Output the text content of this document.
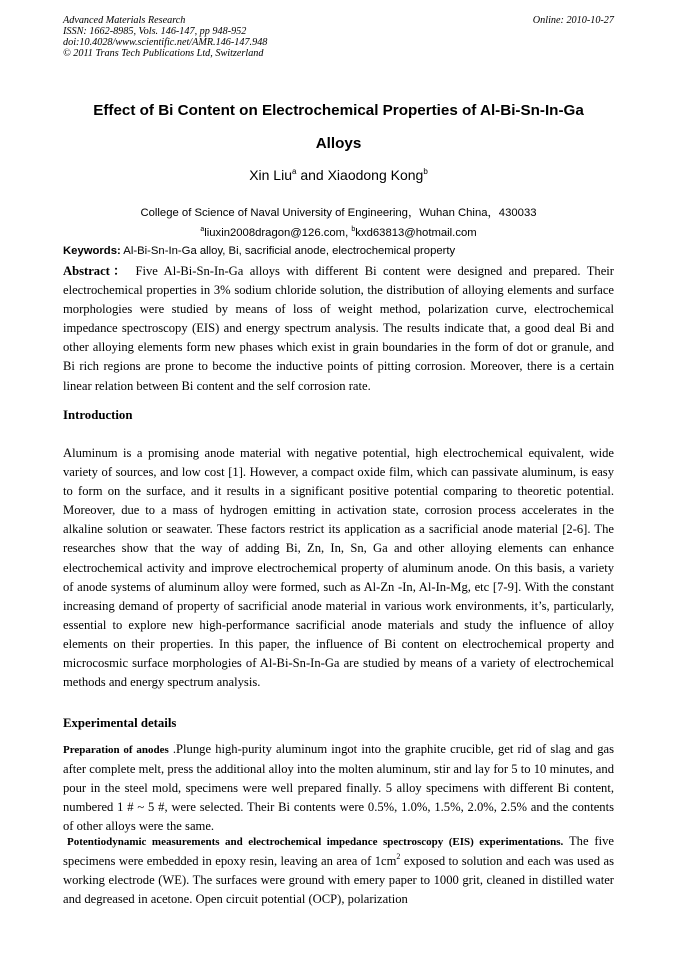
Advanced Materials Research
ISSN: 1662-8985, Vols. 146-147, pp 948-952
doi:10.4028/www.scientific.net/AMR.146-147.948
© 2011 Trans Tech Publications Ltd, Switzerland
Online: 2010-10-27
Effect of Bi Content on Electrochemical Properties of Al-Bi-Sn-In-Ga
Alloys
Xin Liu$^a$ and Xiaodong Kong$^b$
College of Science of Naval University of Engineering，Wuhan China，430033
$^a$liuxin2008dragon@126.com, $^b$kxd63813@hotmail.com
Keywords: Al-Bi-Sn-In-Ga alloy, Bi, sacrificial anode, electrochemical property
Abstract： Five Al-Bi-Sn-In-Ga alloys with different Bi content were designed and prepared. Their electrochemical properties in 3% sodium chloride solution, the distribution of alloying elements and surface morphologies were studied by means of loss of weight method, polarization curve, electrochemical impedance spectroscopy (EIS) and energy spectrum analysis. The results indicate that, a good deal Bi and other alloying elements form new phases which exist in grain boundaries in the form of dot or granule, and Bi rich regions are prone to become the inductive points of pitting corrosion. Moreover, there is a certain linear relation between Bi content and the self corrosion rate.
Introduction
Aluminum is a promising anode material with negative potential, high electrochemical equivalent, wide variety of sources, and low cost [1]. However, a compact oxide film, which can passivate aluminum, is easy to form on the surface, and it results in a significant positive potential comparing to theoretic potential. Moreover, due to a mass of hydrogen emitting in activation state, corrosion process accelerates in the alkaline solution or seawater. These factors restrict its application as a sacrificial anode material [2-6]. The researches show that the way of adding Bi, Zn, In, Sn, Ga and other alloying elements can enhance electrochemical activity and improve electrochemical property of aluminum anode. On this basis, a variety of anode systems of aluminum alloy were formed, such as Al-Zn -In, Al-In-Mg, etc [7-9]. With the constant increasing demand of property of sacrificial anode material in various work environments, it’s, particularly, essential to explore new high-performance sacrificial anode materials and study the influence of alloy elements on their properties. In this paper, the influence of Bi content on electrochemical property and microcosmic surface morphologies of Al-Bi-Sn-In-Ga are studied by means of a variety of electrochemical methods and energy spectrum analysis.
Experimental details
Preparation of anodes .Plunge high-purity aluminum ingot into the graphite crucible, get rid of slag and gas after complete melt, press the additional alloy into the molten aluminum, stir and lay for 5 to 10 minutes, and pour in the steel mold, specimens were well prepared finally. 5 alloy specimens with different Bi content, numbered 1 # ~ 5 #, were selected. Their Bi contents were 0.5%, 1.0%, 1.5%, 2.0%, 2.5% and the contents of other alloys were the same.
Potentiodynamic measurements and electrochemical impedance spectroscopy (EIS) experimentations. The five specimens were embedded in epoxy resin, leaving an area of $1cm^2$ exposed to solution and each was used as working electrode (WE). The surfaces were ground with emery paper to 1000 grit, cleaned in distilled water and degreased in acetone. Open circuit potential (OCP), polarization
